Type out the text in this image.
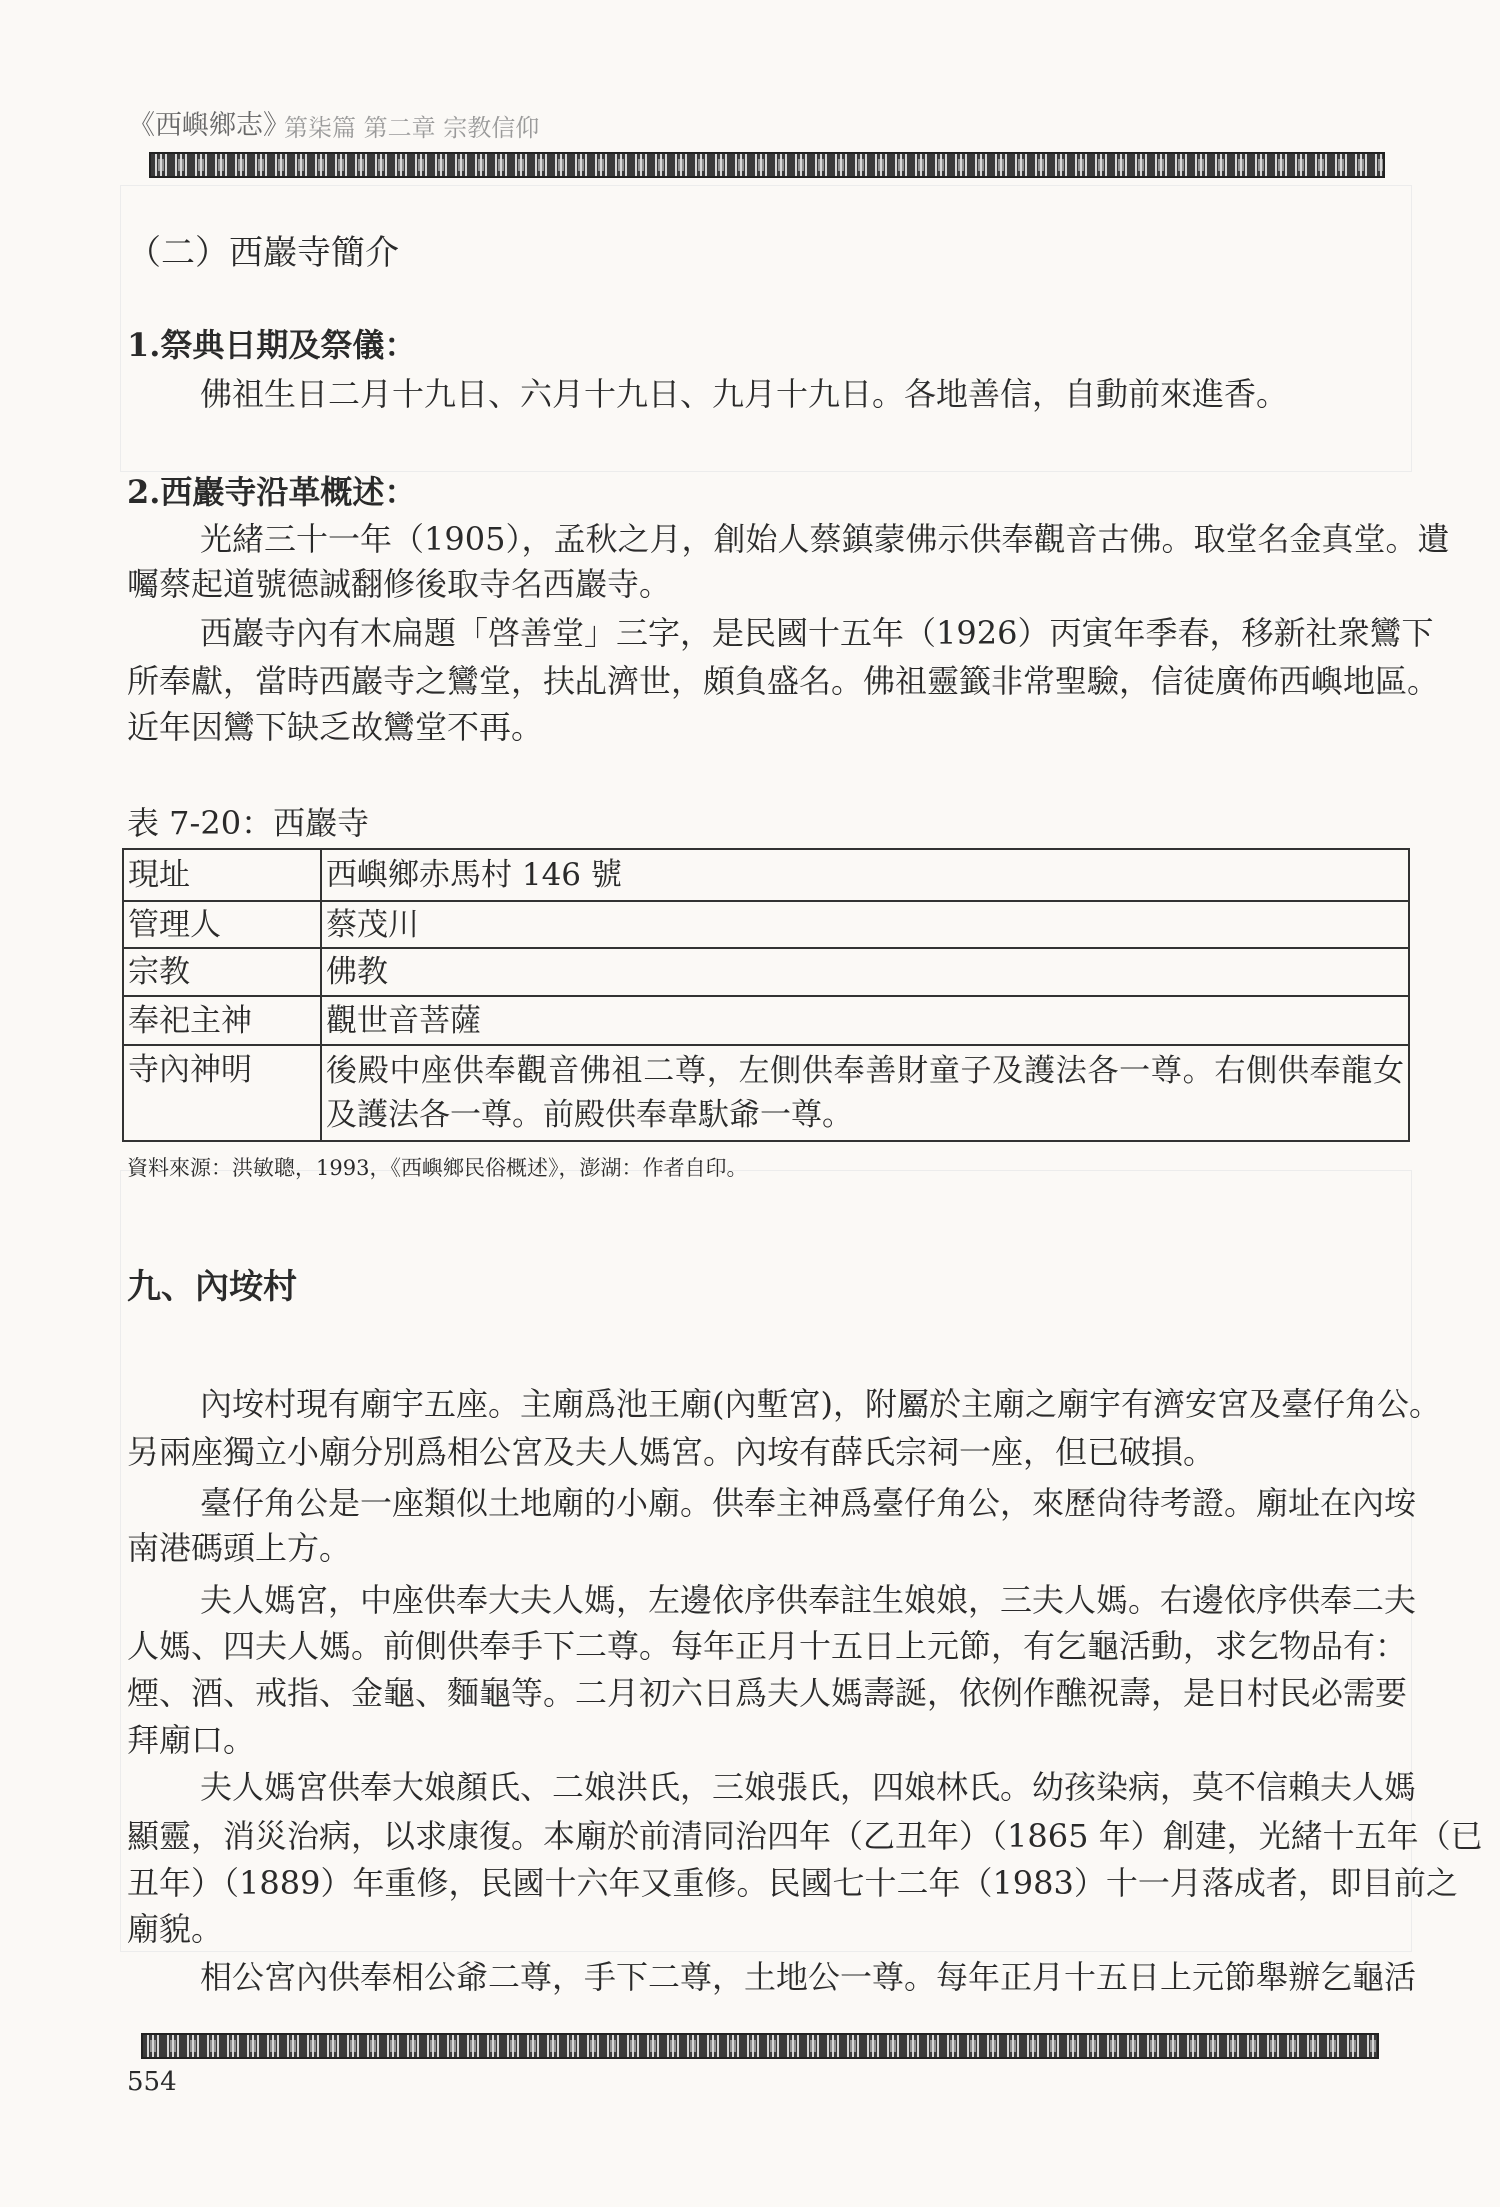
《西嶼鄉志》
第柒篇 第二章 宗教信仰
（二）西巖寺簡介
1.祭典日期及祭儀：
佛祖生日二月十九日、六月十九日、九月十九日。各地善信，自動前來進香。
2.西巖寺沿革概述：
光緒三十一年（1905），孟秋之月，創始人蔡鎮蒙佛示供奉觀音古佛。取堂名金真堂。遺
囑蔡起道號德誠翻修後取寺名西巖寺。
西巖寺內有木扁題「啓善堂」三字，是民國十五年（1926）丙寅年季春，移新社衆鸞下
所奉獻，當時西巖寺之鸞堂，扶乩濟世，頗負盛名。佛祖靈籤非常聖驗，信徒廣佈西嶼地區。
近年因鸞下缺乏故鸞堂不再。
表 7-20：西巖寺
現址	西嶼鄉赤馬村 146 號
管理人	蔡茂川
宗教	佛教
奉祀主神	觀世音菩薩
寺內神明	後殿中座供奉觀音佛祖二尊，左側供奉善財童子及護法各一尊。右側供奉龍女
及護法各一尊。前殿供奉韋馱爺一尊。
資料來源：洪敏聰，1993，《西嶼鄉民俗概述》，澎湖：作者自印。
九、內垵村
內垵村現有廟宇五座。主廟爲池王廟(內塹宮)，附屬於主廟之廟宇有濟安宮及臺仔角公。
另兩座獨立小廟分別爲相公宮及夫人媽宮。內垵有薛氏宗祠一座，但已破損。
臺仔角公是一座類似土地廟的小廟。供奉主神爲臺仔角公，來歷尙待考證。廟址在內垵
南港碼頭上方。
夫人媽宮，中座供奉大夫人媽，左邊依序供奉註生娘娘，三夫人媽。右邊依序供奉二夫
人媽、四夫人媽。前側供奉手下二尊。每年正月十五日上元節，有乞龜活動，求乞物品有：
煙、酒、戒指、金龜、麵龜等。二月初六日爲夫人媽壽誕，依例作醮祝壽，是日村民必需要
拜廟口。
夫人媽宮供奉大娘顏氏、二娘洪氏，三娘張氏，四娘林氏。幼孩染病，莫不信賴夫人媽
顯靈，消災治病，以求康復。本廟於前清同治四年（乙丑年）（1865 年）創建，光緒十五年（已
丑年）（1889）年重修，民國十六年又重修。民國七十二年（1983）十一月落成者，即目前之
廟貌。
相公宮內供奉相公爺二尊，手下二尊，土地公一尊。每年正月十五日上元節舉辦乞龜活
554
